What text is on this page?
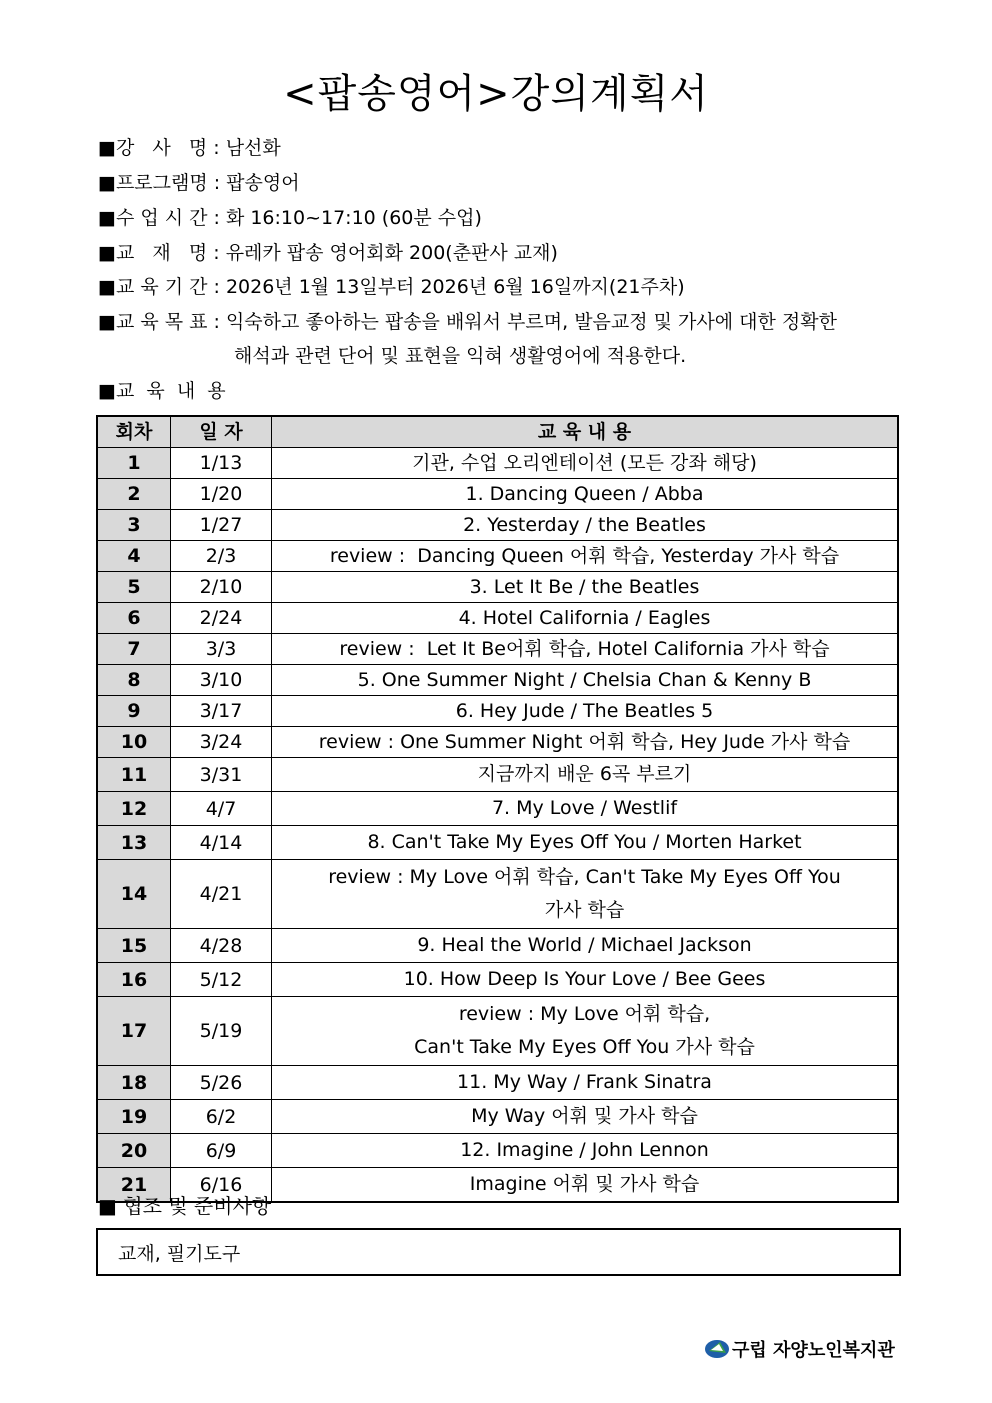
<팝송영어>강의계획서
■강   사   명 : 남선화
■프로그램명 : 팝송영어
■수 업 시 간 : 화 16:10~17:10 (60분 수업)
■교   재   명 : 유레카 팝송 영어회화 200(춘판사 교재)
■교 육 기 간 : 2026년 1월 13일부터 2026년 6월 16일까지(21주차)
■교 육 목 표 : 익숙하고 좋아하는 팝송을 배워서 부르며, 발음교정 및 가사에 대한 정확한
해석과 관련 단어 및 표현을 익혀 생활영어에 적용한다.
■교  육  내  용
회차	일 자	교 육 내 용
1	1/13	기관, 수업 오리엔테이션 (모든 강좌 해당)

2	1/20	1. Dancing Queen / Abba

3	1/27	2. Yesterday / the Beatles

4	2/3	review :  Dancing Queen 어휘 학습, Yesterday 가사 학습

5	2/10	3. Let It Be / the Beatles

6	2/24	4. Hotel California / Eagles

7	3/3	review :  Let It Be어휘 학습, Hotel California 가사 학습

8	3/10	5. One Summer Night / Chelsia Chan & Kenny B

9	3/17	6. Hey Jude / The Beatles 5

10	3/24	review : One Summer Night 어휘 학습, Hey Jude 가사 학습

11	3/31	지금까지 배운 6곡 부르기

12	4/7	7. My Love / Westlif

13	4/14	8. Can't Take My Eyes Off You / Morten Harket

14	4/21	review : My Love 어휘 학습, Can't Take My Eyes Off You
가사 학습

15	4/28	9. Heal the World / Michael Jackson

16	5/12	10. How Deep Is Your Love / Bee Gees

17	5/19	review : My Love 어휘 학습,
Can't Take My Eyes Off You 가사 학습

18	5/26	11. My Way / Frank Sinatra

19	6/2	My Way 어휘 및 가사 학습

20	6/9	12. Imagine / John Lennon

21	6/16	Imagine 어휘 및 가사 학습
■ 협조 및 준비사항
교재, 필기도구
구립 자양노인복지관
